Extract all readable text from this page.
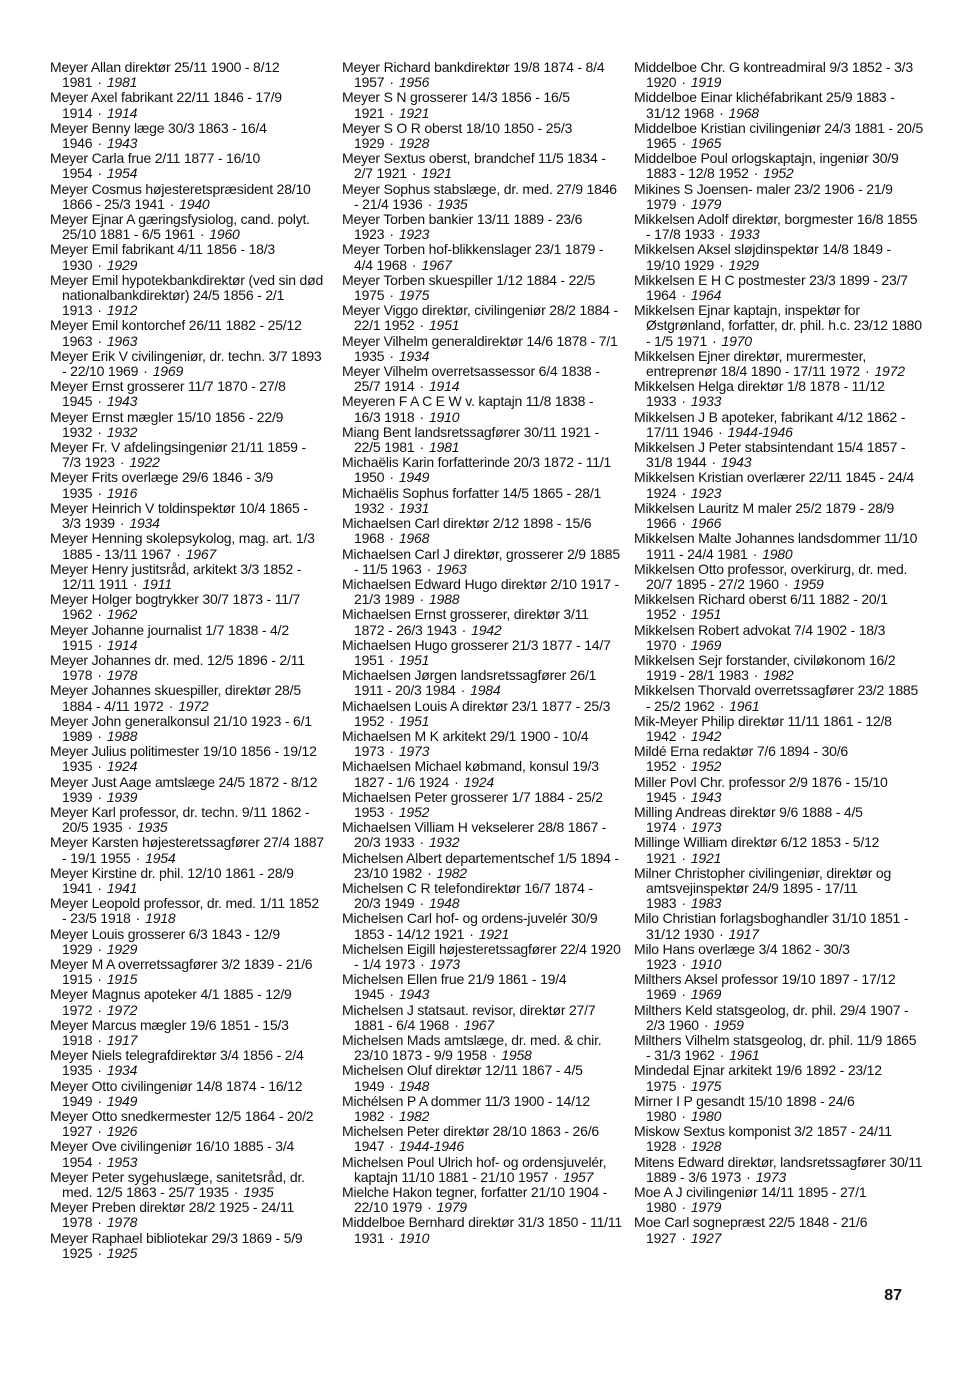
Meyer Allan direktør 25/11 1900 - 8/12 1981 · 1981
Meyer Axel fabrikant 22/11 1846 - 17/9 1914 · 1914
Meyer Benny læge 30/3 1863 - 16/4 1946 · 1943
Meyer Carla frue 2/11 1877 - 16/10 1954 · 1954
Meyer Cosmus højesteretspræsident 28/10 1866 - 25/3 1941 · 1940
Meyer Ejnar A gæringsfysiolog, cand. polyt. 25/10 1881 - 6/5 1961 · 1960
Meyer Emil fabrikant 4/11 1856 - 18/3 1930 · 1929
Meyer Emil hypotekbankdirektør (ved sin død nationalbankdirektør) 24/5 1856 - 2/1 1913 · 1912
Meyer Emil kontorchef 26/11 1882 - 25/12 1963 · 1963
Meyer Erik V civilingeniør, dr. techn. 3/7 1893 - 22/10 1969 · 1969
Meyer Ernst grosserer 11/7 1870 - 27/8 1945 · 1943
Meyer Ernst mægler 15/10 1856 - 22/9 1932 · 1932
Meyer Fr. V afdelingsingeniør 21/11 1859 - 7/3 1923 · 1922
Meyer Frits overlæge 29/6 1846 - 3/9 1935 · 1916
Meyer Heinrich V toldinspektør 10/4 1865 - 3/3 1939 · 1934
Meyer Henning skolepsykolog, mag. art. 1/3 1885 - 13/11 1967 · 1967
Meyer Henry justitsråd, arkitekt 3/3 1852 - 12/11 1911 · 1911
Meyer Holger bogtrykker 30/7 1873 - 11/7 1962 · 1962
Meyer Johanne journalist 1/7 1838 - 4/2 1915 · 1914
Meyer Johannes dr. med. 12/5 1896 - 2/11 1978 · 1978
Meyer Johannes skuespiller, direktør 28/5 1884 - 4/11 1972 · 1972
Meyer John generalkonsul 21/10 1923 - 6/1 1989 · 1988
Meyer Julius politimester 19/10 1856 - 19/12 1935 · 1924
Meyer Just Aage amtslæge 24/5 1872 - 8/12 1939 · 1939
Meyer Karl professor, dr. techn. 9/11 1862 - 20/5 1935 · 1935
Meyer Karsten højesteretssagfører 27/4 1887 - 19/1 1955 · 1954
Meyer Kirstine dr. phil. 12/10 1861 - 28/9 1941 · 1941
Meyer Leopold professor, dr. med. 1/11 1852 - 23/5 1918 · 1918
Meyer Louis grosserer 6/3 1843 - 12/9 1929 · 1929
Meyer M A overretssagfører 3/2 1839 - 21/6 1915 · 1915
Meyer Magnus apoteker 4/1 1885 - 12/9 1972 · 1972
Meyer Marcus mægler 19/6 1851 - 15/3 1918 · 1917
Meyer Niels telegrafdirektør 3/4 1856 - 2/4 1935 · 1934
Meyer Otto civilingeniør 14/8 1874 - 16/12 1949 · 1949
Meyer Otto snedkermester 12/5 1864 - 20/2 1927 · 1926
Meyer Ove civilingeniør 16/10 1885 - 3/4 1954 · 1953
Meyer Peter sygehuslæge, sanitetsråd, dr. med. 12/5 1863 - 25/7 1935 · 1935
Meyer Preben direktør 28/2 1925 - 24/11 1978 · 1978
Meyer Raphael bibliotekar 29/3 1869 - 5/9 1925 · 1925
Meyer Richard bankdirektør 19/8 1874 - 8/4 1957 · 1956
Meyer S N grosserer 14/3 1856 - 16/5 1921 · 1921
Meyer S O R oberst 18/10 1850 - 25/3 1929 · 1928
Meyer Sextus oberst, brandchef 11/5 1834 - 2/7 1921 · 1921
Meyer Sophus stabslæge, dr. med. 27/9 1846 - 21/4 1936 · 1935
Meyer Torben bankier 13/11 1889 - 23/6 1923 · 1923
Meyer Torben hof-blikkenslager 23/1 1879 - 4/4 1968 · 1967
Meyer Torben skuespiller 1/12 1884 - 22/5 1975 · 1975
Meyer Viggo direktør, civilingeniør 28/2 1884 - 22/1 1952 · 1951
Meyer Vilhelm generaldirektør 14/6 1878 - 7/1 1935 · 1934
Meyer Vilhelm overretsassessor 6/4 1838 - 25/7 1914 · 1914
Meyeren F A C E W v. kaptajn 11/8 1838 - 16/3 1918 · 1910
Miang Bent landsretssagfører 30/11 1921 - 22/5 1981 · 1981
Michaëlis Karin forfatterinde 20/3 1872 - 11/1 1950 · 1949
Michaëlis Sophus forfatter 14/5 1865 - 28/1 1932 · 1931
Michaelsen Carl direktør 2/12 1898 - 15/6 1968 · 1968
Michaelsen Carl J direktør, grosserer 2/9 1885 - 11/5 1963 · 1963
Michaelsen Edward Hugo direktør 2/10 1917 - 21/3 1989 · 1988
Michaelsen Ernst grosserer, direktør 3/11 1872 - 26/3 1943 · 1942
Michaelsen Hugo grosserer 21/3 1877 - 14/7 1951 · 1951
Michaelsen Jørgen landsretssagfører 26/1 1911 - 20/3 1984 · 1984
Michaelsen Louis A direktør 23/1 1877 - 25/3 1952 · 1951
Michaelsen M K arkitekt 29/1 1900 - 10/4 1973 · 1973
Michaelsen Michael købmand, konsul 19/3 1827 - 1/6 1924 · 1924
Michaelsen Peter grosserer 1/7 1884 - 25/2 1953 · 1952
Michaelsen Villiam H vekselerer 28/8 1867 - 20/3 1933 · 1932
Michelsen Albert departementschef 1/5 1894 - 23/10 1982 · 1982
Michelsen C R telefondirektør 16/7 1874 - 20/3 1949 · 1948
Michelsen Carl hof- og ordens-juvelér 30/9 1853 - 14/12 1921 · 1921
Michelsen Eigill højesteretssagfører 22/4 1920 - 1/4 1973 · 1973
Michelsen Ellen frue 21/9 1861 - 19/4 1945 · 1943
Michelsen J statsaut. revisor, direktør 27/7 1881 - 6/4 1968 · 1967
Michelsen Mads amtslæge, dr. med. & chir. 23/10 1873 - 9/9 1958 · 1958
Michelsen Oluf direktør 12/11 1867 - 4/5 1949 · 1948
Michélsen P A dommer 11/3 1900 - 14/12 1982 · 1982
Michelsen Peter direktør 28/10 1863 - 26/6 1947 · 1944-1946
Michelsen Poul Ulrich hof- og ordensjuvelér, kaptajn 11/10 1881 - 21/10 1957 · 1957
Mielche Hakon tegner, forfatter 21/10 1904 - 22/10 1979 · 1979
Middelboe Bernhard direktør 31/3 1850 - 11/11 1931 · 1910
Middelboe Chr. G kontreadmiral 9/3 1852 - 3/3 1920 · 1919
Middelboe Einar klichéfabrikant 25/9 1883 - 31/12 1968 · 1968
Middelboe Kristian civilingeniør 24/3 1881 - 20/5 1965 · 1965
Middelboe Poul orlogskaptajn, ingeniør 30/9 1883 - 12/8 1952 · 1952
Mikines S Joensen- maler 23/2 1906 - 21/9 1979 · 1979
Mikkelsen Adolf direktør, borgmester 16/8 1855 - 17/8 1933 · 1933
Mikkelsen Aksel sløjdinspektør 14/8 1849 - 19/10 1929 · 1929
Mikkelsen E H C postmester 23/3 1899 - 23/7 1964 · 1964
Mikkelsen Ejnar kaptajn, inspektør for Østgrønland, forfatter, dr. phil. h.c. 23/12 1880 - 1/5 1971 · 1970
Mikkelsen Ejner direktør, murermester, entreprenør 18/4 1890 - 17/11 1972 · 1972
Mikkelsen Helga direktør 1/8 1878 - 11/12 1933 · 1933
Mikkelsen J B apoteker, fabrikant 4/12 1862 - 17/11 1946 · 1944-1946
Mikkelsen J Peter stabsintendant 15/4 1857 - 31/8 1944 · 1943
Mikkelsen Kristian overlærer 22/11 1845 - 24/4 1924 · 1923
Mikkelsen Lauritz M maler 25/2 1879 - 28/9 1966 · 1966
Mikkelsen Malte Johannes landsdommer 11/10 1911 - 24/4 1981 · 1980
Mikkelsen Otto professor, overkirurg, dr. med. 20/7 1895 - 27/2 1960 · 1959
Mikkelsen Richard oberst 6/11 1882 - 20/1 1952 · 1951
Mikkelsen Robert advokat 7/4 1902 - 18/3 1970 · 1969
Mikkelsen Sejr forstander, civiløkonom 16/2 1919 - 28/1 1983 · 1982
Mikkelsen Thorvald overretssagfører 23/2 1885 - 25/2 1962 · 1961
Mik-Meyer Philip direktør 11/11 1861 - 12/8 1942 · 1942
Mildé Erna redaktør 7/6 1894 - 30/6 1952 · 1952
Miller Povl Chr. professor 2/9 1876 - 15/10 1945 · 1943
Milling Andreas direktør 9/6 1888 - 4/5 1974 · 1973
Millinge William direktør 6/12 1853 - 5/12 1921 · 1921
Milner Christopher civilingeniør, direktør og amtsvejinspektør 24/9 1895 - 17/11 1983 · 1983
Milo Christian forlagsboghandler 31/10 1851 - 31/12 1930 · 1917
Milo Hans overlæge 3/4 1862 - 30/3 1923 · 1910
Milthers Aksel professor 19/10 1897 - 17/12 1969 · 1969
Milthers Keld statsgeolog, dr. phil. 29/4 1907 - 2/3 1960 · 1959
Milthers Vilhelm statsgeolog, dr. phil. 11/9 1865 - 31/3 1962 · 1961
Mindedal Ejnar arkitekt 19/6 1892 - 23/12 1975 · 1975
Mirner I P gesandt 15/10 1898 - 24/6 1980 · 1980
Miskow Sextus komponist 3/2 1857 - 24/11 1928 · 1928
Mitens Edward direktør, landsretssagfører 30/11 1889 - 3/6 1973 · 1973
Moe A J civilingeniør 14/11 1895 - 27/1 1980 · 1979
Moe Carl sognepræst 22/5 1848 - 21/6 1927 · 1927
87
